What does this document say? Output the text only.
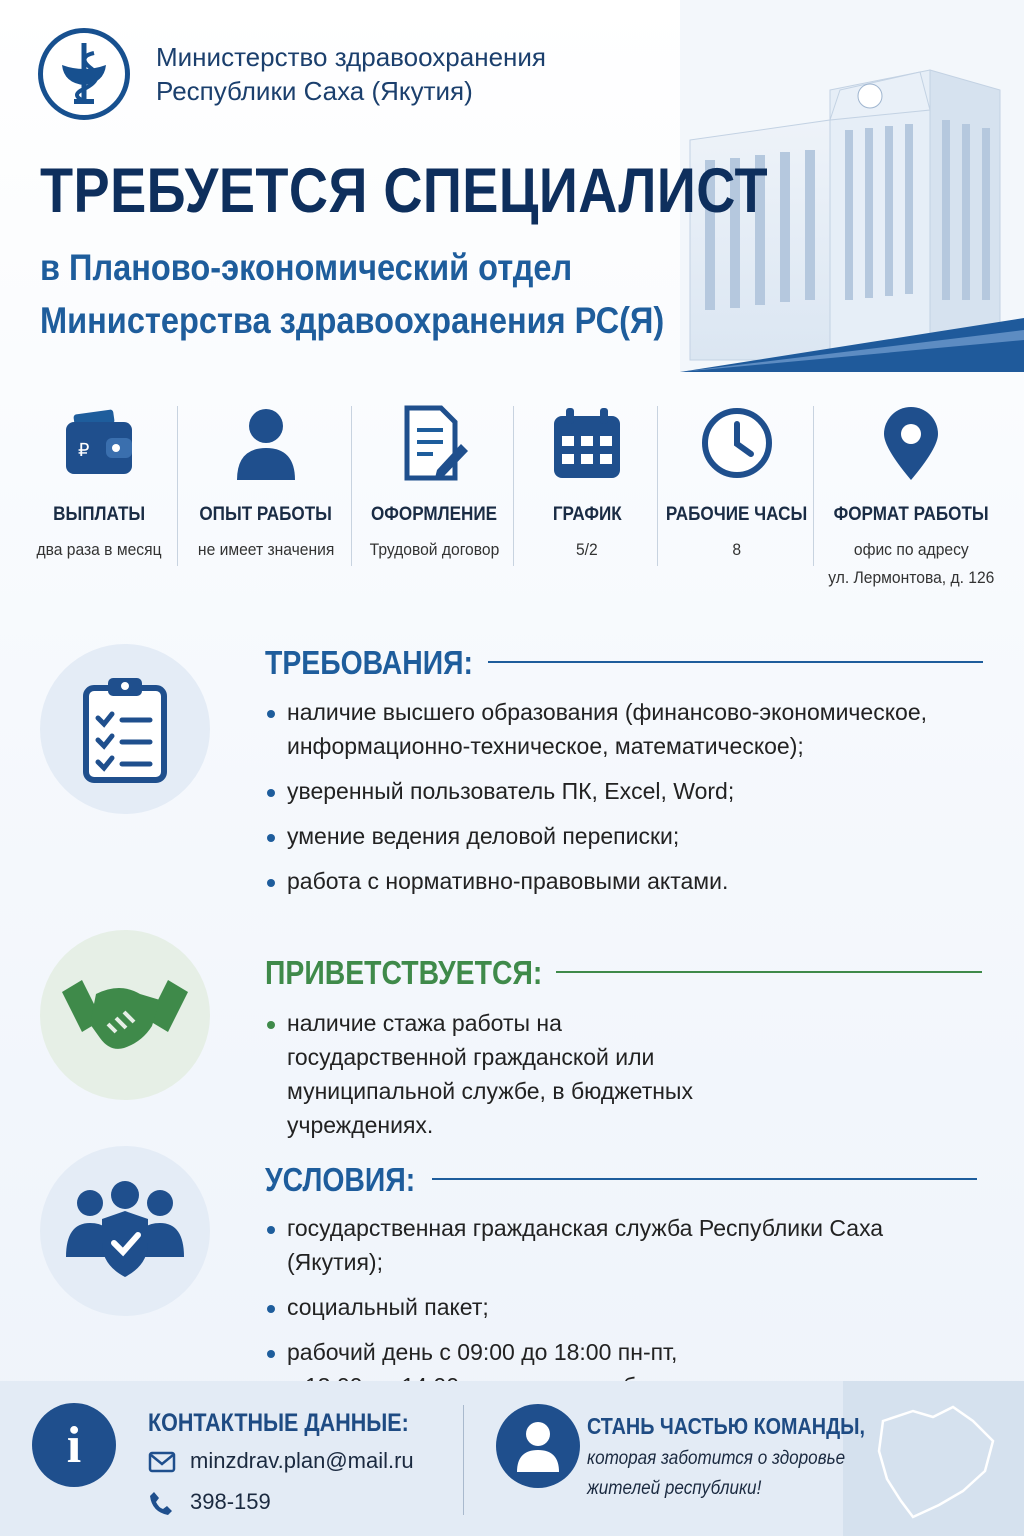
Министерство здравоохранения
Республики Саха (Якутия)
ТРЕБУЕТСЯ СПЕЦИАЛИСТ
в Планово-экономический отдел
Министерства здравоохранения РС(Я)
₽
ВЫПЛАТЫ
два раза в месяц
ОПЫТ РАБОТЫ
не имеет значения
ОФОРМЛЕНИЕ
Трудовой договор
ГРАФИК
5/2
РАБОЧИЕ ЧАСЫ
8
ФОРМАТ РАБОТЫ
офис по адресу
ул. Лермонтова, д. 126
ТРЕБОВАНИЯ:
наличие высшего образования (финансово-экономическое, информационно-техническое, математическое);
уверенный пользователь ПК, Excel, Word;
умение ведения деловой переписки;
работа с нормативно-правовыми актами.
ПРИВЕТСТВУЕТСЯ:
наличие стажа работы на государственной гражданской или муниципальной службе, в бюджетных учреждениях.
УСЛОВИЯ:
государственная гражданская служба Республики Саха (Якутия);
социальный пакет;
рабочий день с 09:00 до 18:00 пн-пт,
i	КОНТАКТНЫЕ ДАННЫЕ:
minzdrav.plan@mail.ru
398-159
СТАНЬ ЧАСТЬЮ КОМАНДЫ,
которая заботится о здоровье
жителей республики!
